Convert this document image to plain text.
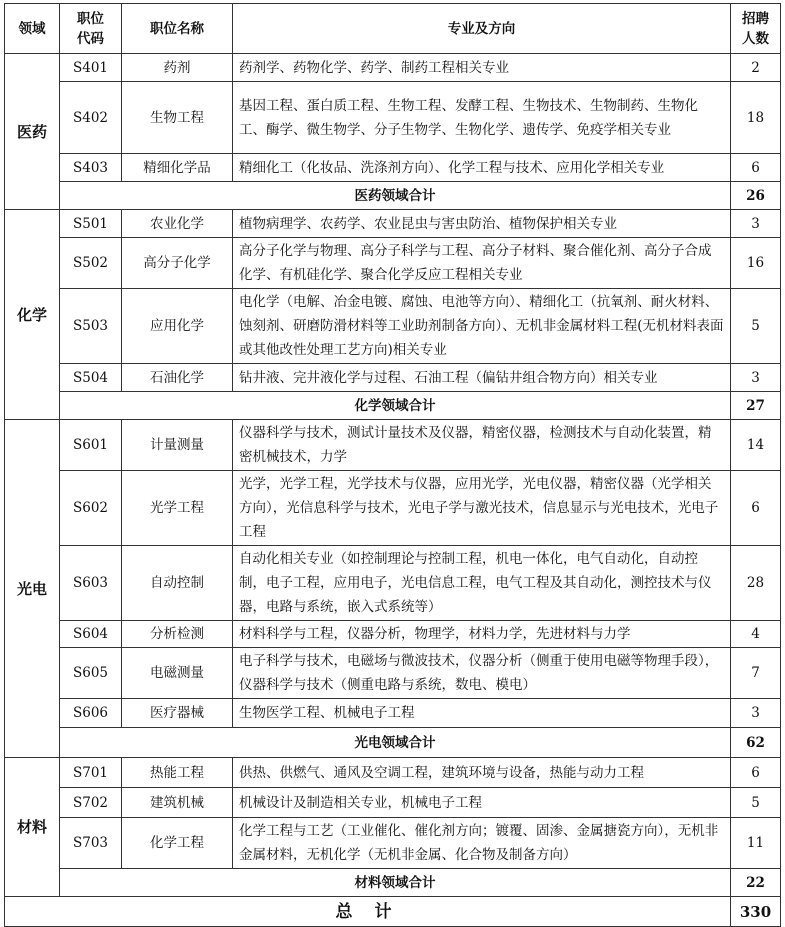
领域	职位代码	职位名称	专业及方向	招聘人数
医药	S401	药剂	药剂学、药物化学、药学、制药工程相关专业	2
	S402	生物工程	基因工程、蛋白质工程、生物工程、发酵工程、生物技术、生物制药、生物化工、酶学、微生物学、分子生物学、生物化学、遗传学、免疫学相关专业	18
	S403	精细化学品	精细化工（化妆品、洗涤剂方向）、化学工程与技术、应用化学相关专业	6
	医药领域合计			26
化学	S501	农业化学	植物病理学、农药学、农业昆虫与害虫防治、植物保护相关专业	3
	S502	高分子化学	高分子化学与物理、高分子科学与工程、高分子材料、聚合催化剂、高分子合成化学、有机硅化学、聚合化学反应工程相关专业	16
	S503	应用化学	电化学（电解、冶金电镀、腐蚀、电池等方向）、精细化工（抗氧剂、耐火材料、蚀刻剂、研磨防滑材料等工业助剂制备方向）、无机非金属材料工程(无机材料表面或其他改性处理工艺方向)相关专业	5
	S504	石油化学	钻井液、完井液化学与过程、石油工程（偏钻井组合物方向）相关专业	3
	化学领域合计			27
光电	S601	计量测量	仪器科学与技术，测试计量技术及仪器，精密仪器，检测技术与自动化装置，精密机械技术，力学	14
	S602	光学工程	光学，光学工程，光学技术与仪器，应用光学，光电仪器，精密仪器（光学相关方向），光信息科学与技术，光电子学与激光技术，信息显示与光电技术，光电子工程	6
	S603	自动控制	自动化相关专业（如控制理论与控制工程，机电一体化，电气自动化，自动控制，电子工程，应用电子，光电信息工程，电气工程及其自动化，测控技术与仪器，电路与系统，嵌入式系统等）	28
	S604	分析检测	材料科学与工程，仪器分析，物理学，材料力学，先进材料与力学	4
	S605	电磁测量	电子科学与技术，电磁场与微波技术，仪器分析（侧重于使用电磁等物理手段），仪器科学与技术（侧重电路与系统，数电、模电）	7
	S606	医疗器械	生物医学工程、机械电子工程	3
	光电领域合计			62
材料	S701	热能工程	供热、供燃气、通风及空调工程，建筑环境与设备，热能与动力工程	6
	S702	建筑机械	机械设计及制造相关专业，机械电子工程	5
	S703	化学工程	化学工程与工艺（工业催化、催化剂方向；镀覆、固渗、金属搪瓷方向），无机非金属材料，无机化学（无机非金属、化合物及制备方向）	11
	材料领域合计			22
总 计				330
